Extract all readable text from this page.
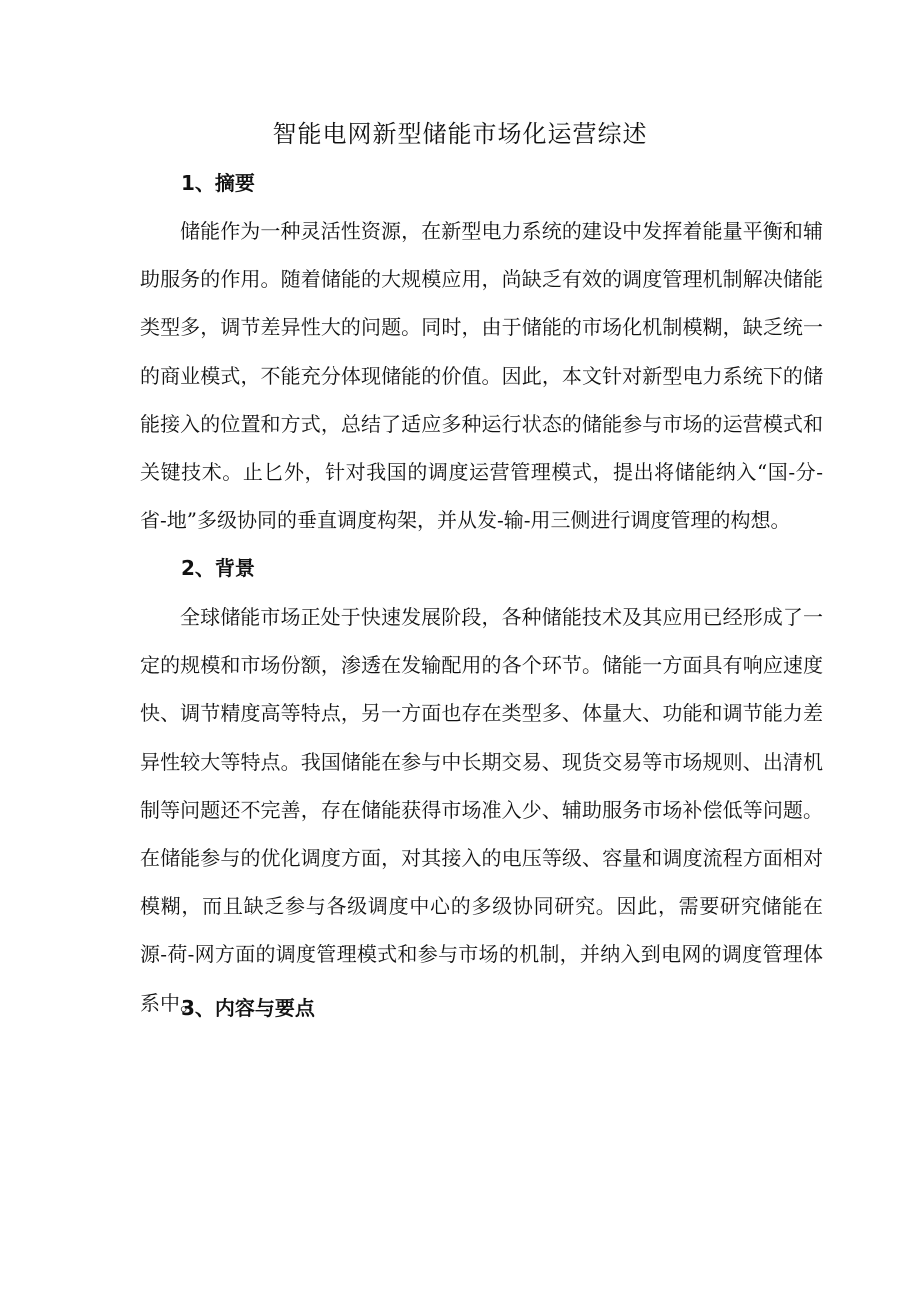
智能电网新型储能市场化运营综述
1、摘要

储能作为一种灵活性资源，在新型电力系统的建设中发挥着能量平衡和辅助服务的作用。随着储能的大规模应用，尚缺乏有效的调度管理机制解决储能类型多，调节差异性大的问题。同时，由于储能的市场化机制模糊，缺乏统一的商业模式，不能充分体现储能的价值。因此，本文针对新型电力系统下的储能接入的位置和方式，总结了适应多种运行状态的储能参与市场的运营模式和关键技术。止匕外，针对我国的调度运营管理模式，提出将储能纳入“国-分-省-地”多级协同的垂直调度构架，并从发-输-用三侧进行调度管理的构想。

2、背景

全球储能市场正处于快速发展阶段，各种储能技术及其应用已经形成了一定的规模和市场份额，渗透在发输配用的各个环节。储能一方面具有响应速度快、调节精度高等特点，另一方面也存在类型多、体量大、功能和调节能力差异性较大等特点。我国储能在参与中长期交易、现货交易等市场规则、出清机制等问题还不完善，存在储能获得市场准入少、辅助服务市场补偿低等问题。在储能参与的优化调度方面，对其接入的电压等级、容量和调度流程方面相对模糊，而且缺乏参与各级调度中心的多级协同研究。因此，需要研究储能在源-荷-网方面的调度管理模式和参与市场的机制，并纳入到电网的调度管理体系中。

3、内容与要点
